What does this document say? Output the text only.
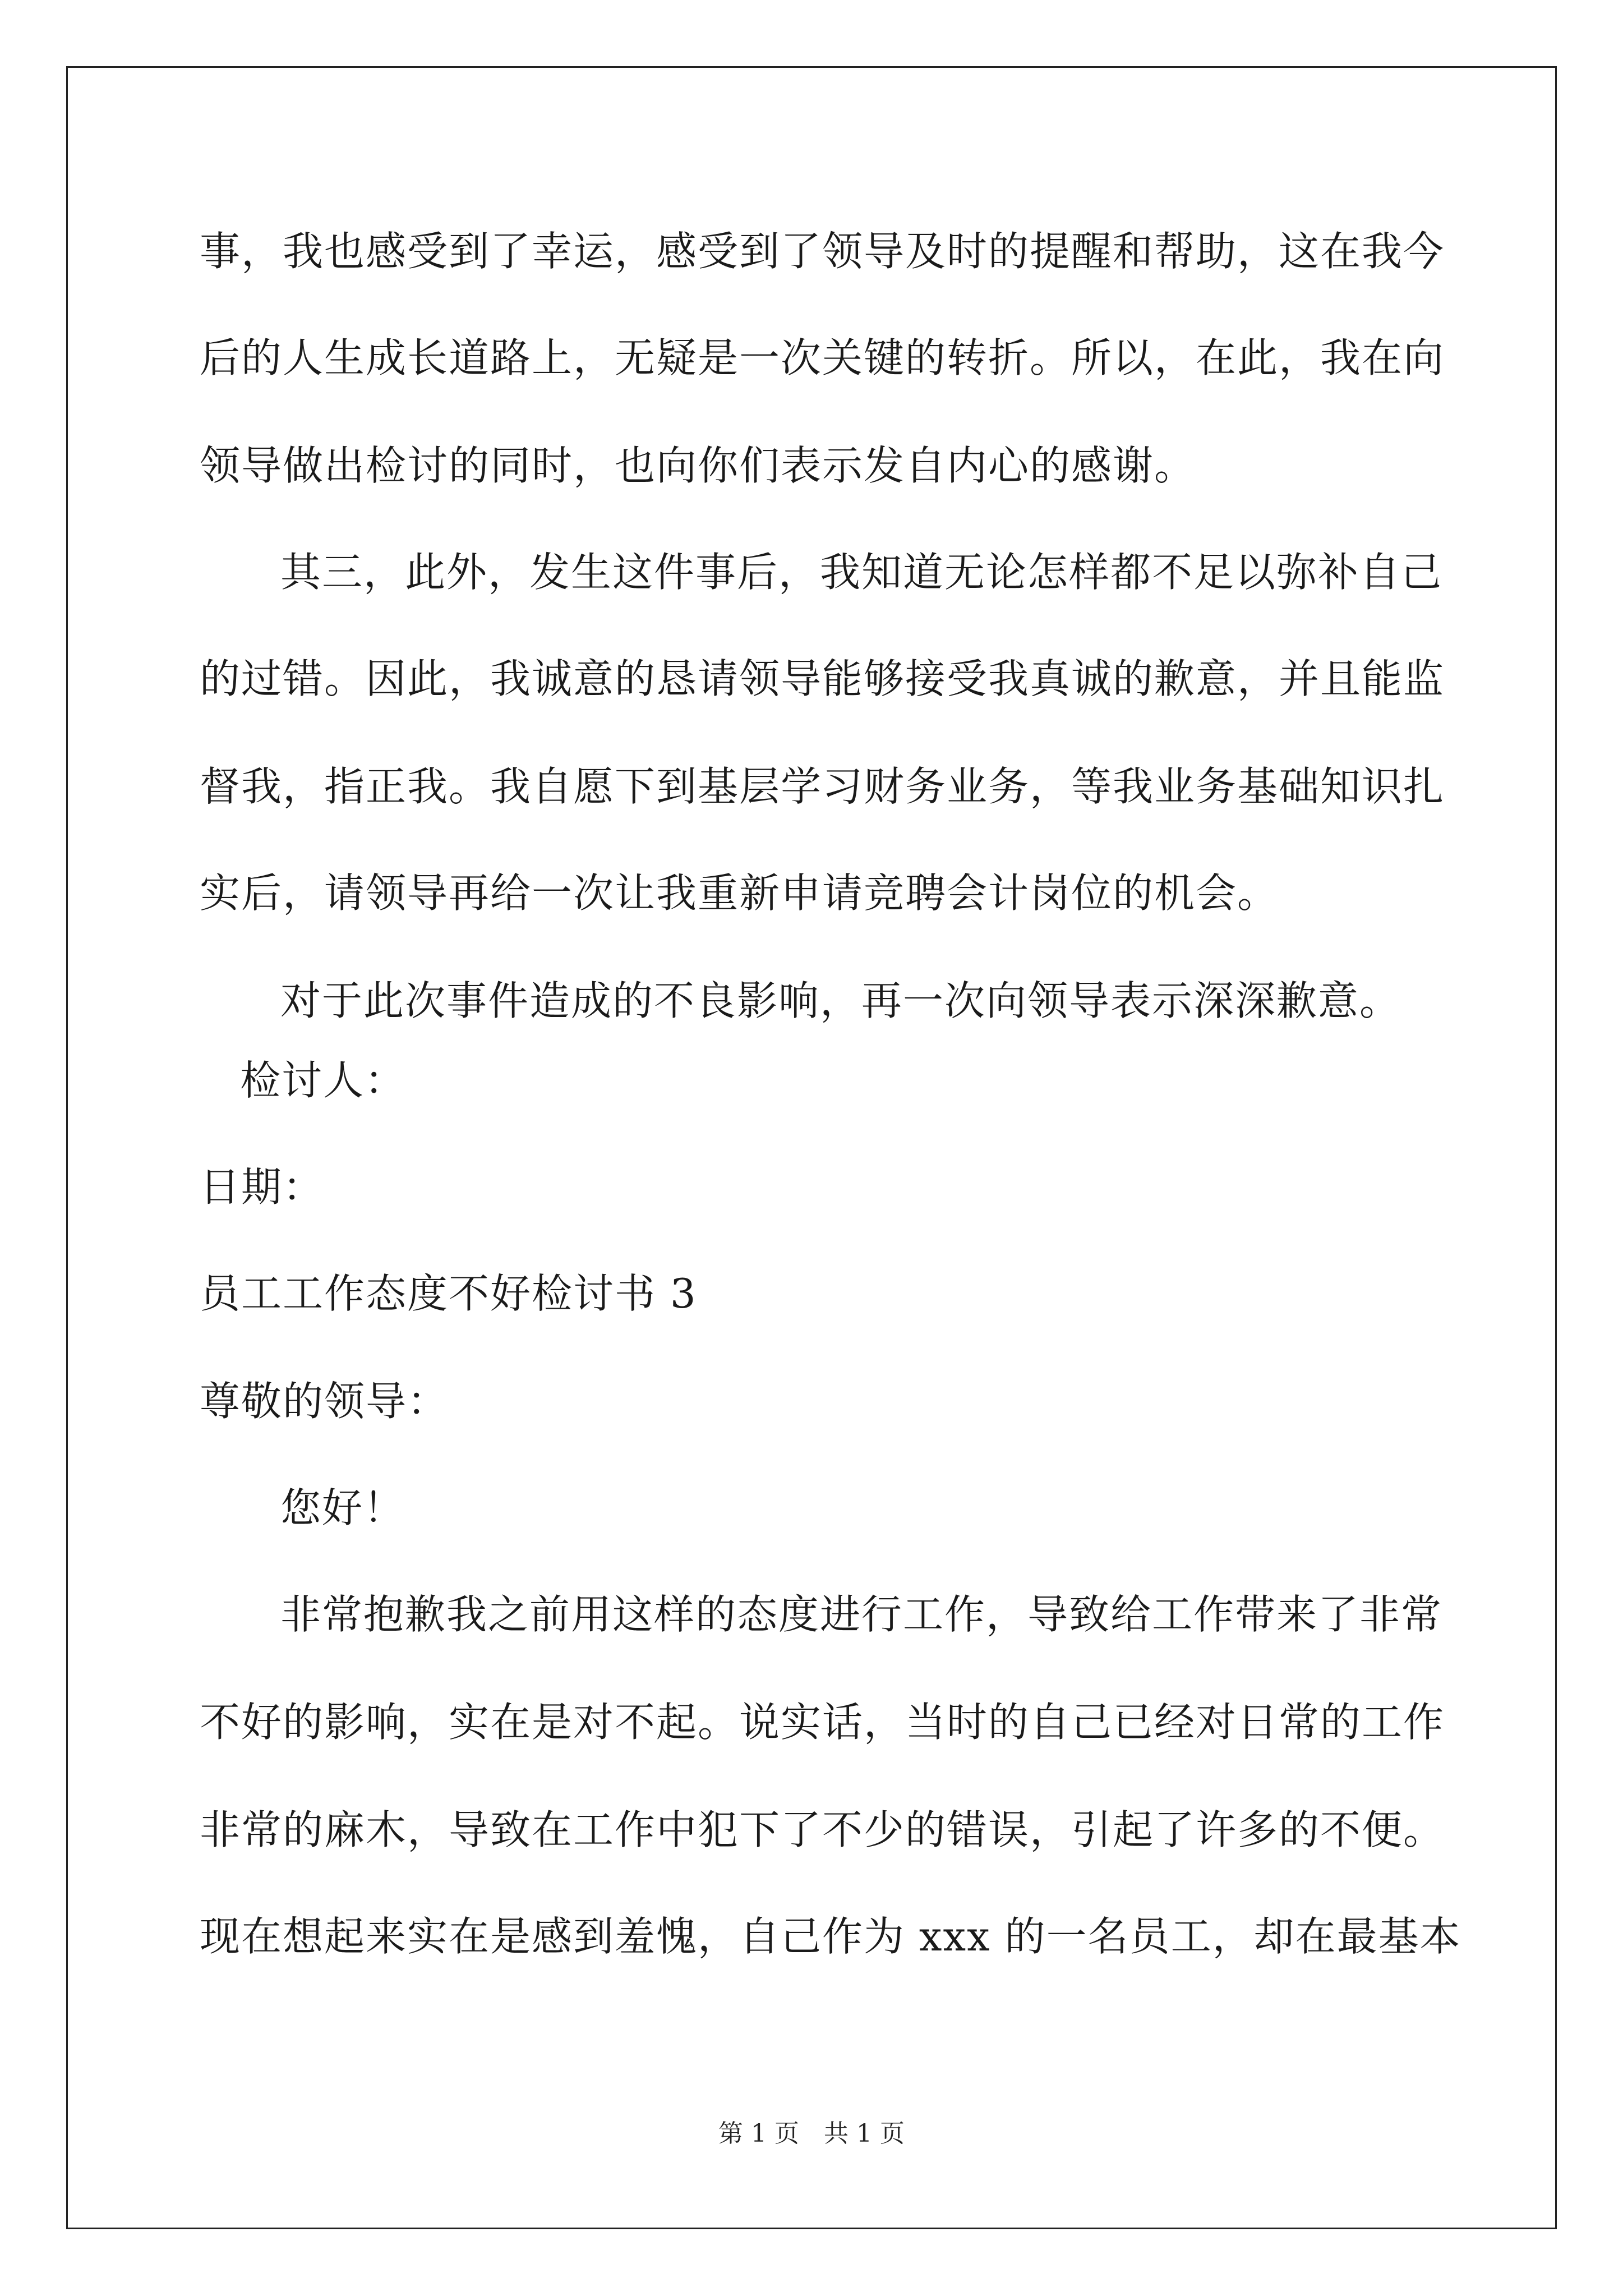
事，我也感受到了幸运，感受到了领导及时的提醒和帮助，这在我今
后的人生成长道路上，无疑是一次关键的转折。所以，在此，我在向
领导做出检讨的同时，也向你们表示发自内心的感谢。
其三，此外，发生这件事后，我知道无论怎样都不足以弥补自己
的过错。因此，我诚意的恳请领导能够接受我真诚的歉意，并且能监
督我，指正我。我自愿下到基层学习财务业务，等我业务基础知识扎
实后，请领导再给一次让我重新申请竞聘会计岗位的机会。
对于此次事件造成的不良影响，再一次向领导表示深深歉意。
检讨人：
日期：
员工工作态度不好检讨书 3
尊敬的领导：
您好！
非常抱歉我之前用这样的态度进行工作，导致给工作带来了非常
不好的影响，实在是对不起。说实话，当时的自己已经对日常的工作
非常的麻木，导致在工作中犯下了不少的错误，引起了许多的不便。
现在想起来实在是感到羞愧，自己作为 xxx 的一名员工，却在最基本
第 1 页　共 1 页
